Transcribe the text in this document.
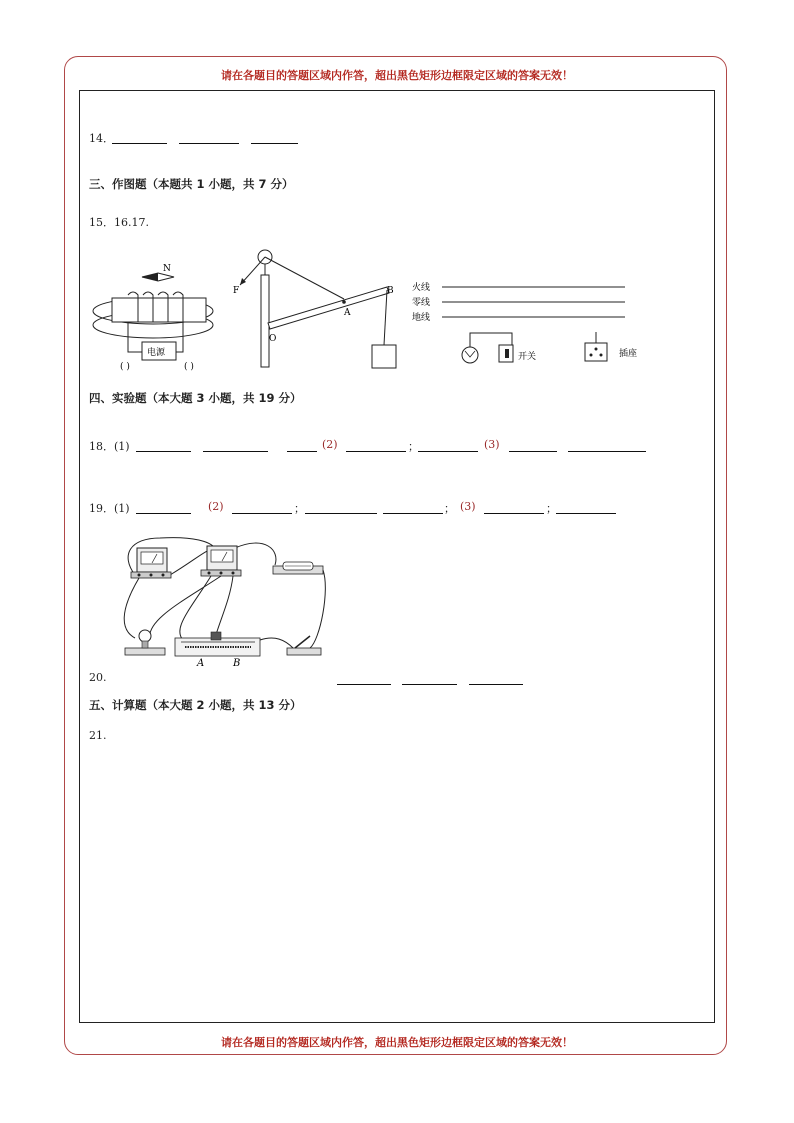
请在各题目的答题区域内作答，超出黑色矩形边框限定区域的答案无效！
14．
三、作图题（本题共 1 小题，共 7 分）
15．16.17.
N
电源
( )	( )
F
A
O
B 火线
零线
地线
开关	插座
四、实验题（本大题 3 小题，共 19 分）
18．(1)	(2)	；	(3)
19．(1)	(2)	；	； (3)	；
A	B
20.
五、计算题（本大题 2 小题，共 13 分）
21.
请在各题目的答题区域内作答，超出黑色矩形边框限定区域的答案无效！
